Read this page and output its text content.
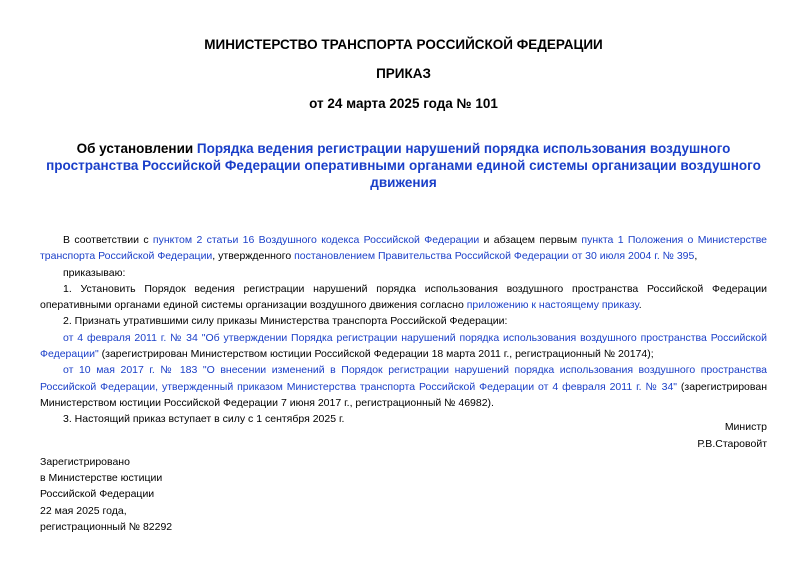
МИНИСТЕРСТВО ТРАНСПОРТА РОССИЙСКОЙ ФЕДЕРАЦИИ
ПРИКАЗ
от 24 марта 2025 года № 101
Об установлении Порядка ведения регистрации нарушений порядка использования воздушного пространства Российской Федерации оперативными органами единой системы организации воздушного движения

В соответствии с пунктом 2 статьи 16 Воздушного кодекса Российской Федерации и абзацем первым пункта 1 Положения о Министерстве транспорта Российской Федерации, утвержденного постановлением Правительства Российской Федерации от 30 июля 2004 г. № 395,

приказываю:

1. Установить Порядок ведения регистрации нарушений порядка использования воздушного пространства Российской Федерации оперативными органами единой системы организации воздушного движения согласно приложению к настоящему приказу.

2. Признать утратившими силу приказы Министерства транспорта Российской Федерации:

от 4 февраля 2011 г. № 34 "Об утверждении Порядка регистрации нарушений порядка использования воздушного пространства Российской Федерации" (зарегистрирован Министерством юстиции Российской Федерации 18 марта 2011 г., регистрационный № 20174);

от 10 мая 2017 г. № 183 "О внесении изменений в Порядок регистрации нарушений порядка использования воздушного пространства Российской Федерации, утвержденный приказом Министерства транспорта Российской Федерации от 4 февраля 2011 г. № 34" (зарегистрирован Министерством юстиции Российской Федерации 7 июня 2017 г., регистрационный № 46982).

3. Настоящий приказ вступает в силу с 1 сентября 2025 г.

Министр
Р.В.Старовойт
Зарегистрировано
в Министерстве юстиции
Российской Федерации
22 мая 2025 года,
регистрационный № 82292
